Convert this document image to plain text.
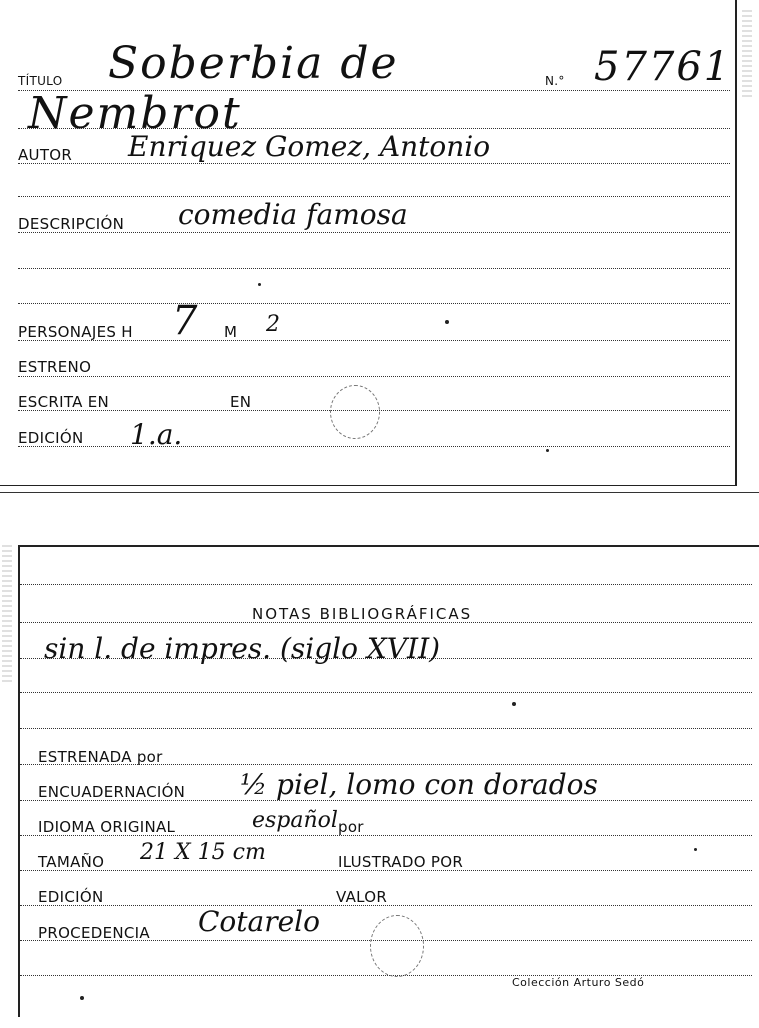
TÍTULO Soberbia de	N.° 57761
Nembrot
AUTOR Enriquez Gomez, Antonio
DESCRIPCIÓN comedia famosa
PERSONAJES H 7 M 2
ESTRENO
ESCRITA EN	EN
EDICIÓN 1.a.
NOTAS BIBLIOGRÁFICAS
sin l. de impres. (siglo XVII)
ESTRENADA por
ENCUADERNACIÓN ½ piel, lomo con dorados
IDIOMA ORIGINAL	español por
TAMAÑO 21 X 15 cm	ILUSTRADO POR
EDICIÓN	VALOR
PROCEDENCIA Cotarelo
Colección Arturo Sedó
